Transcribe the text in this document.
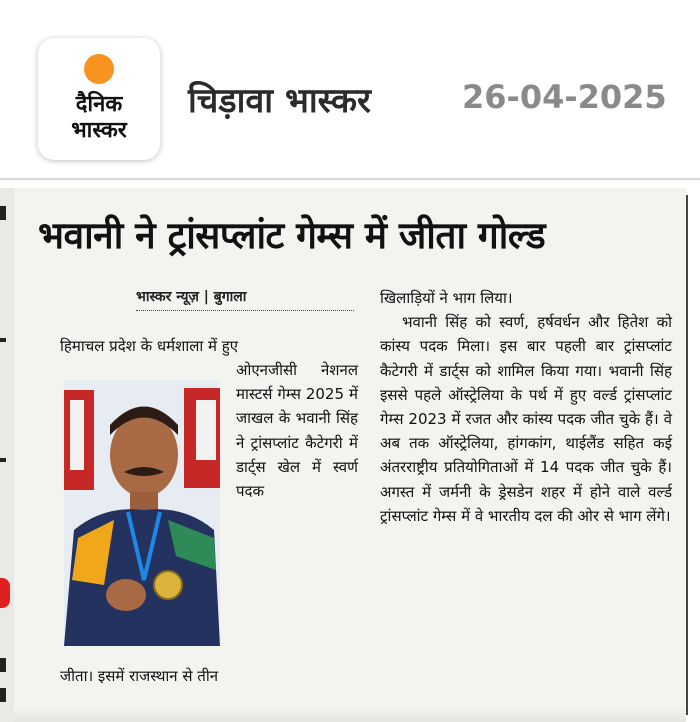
दैनिक
भास्कर
चिड़ावा भास्कर	26-04-2025
भवानी ने ट्रांसप्लांट गेम्स में जीता गोल्ड
भास्कर न्यूज़ | बुगाला

हिमाचल प्रदेश के धर्मशाला में हुए

ओएनजीसी नेशनल मास्टर्स गेम्स 2025 में जाखल के भवानी सिंह ने ट्रांसप्लांट कैटेगरी में डार्ट्स खेल में स्वर्ण पदक

जीता। इसमें राजस्थान से तीन

खिलाड़ियों ने भाग लिया।

भवानी सिंह को स्वर्ण, हर्षवर्धन और हितेश को कांस्य पदक मिला। इस बार पहली बार ट्रांसप्लांट कैटेगरी में डार्ट्स को शामिल किया गया। भवानी सिंह इससे पहले ऑस्ट्रेलिया के पर्थ में हुए वर्ल्ड ट्रांसप्लांट गेम्स 2023 में रजत और कांस्य पदक जीत चुके हैं। वे अब तक ऑस्ट्रेलिया, हांगकांग, थाईलैंड सहित कई अंतरराष्ट्रीय प्रतियोगिताओं में 14 पदक जीत चुके हैं। अगस्त में जर्मनी के ड्रेसडेन शहर में होने वाले वर्ल्ड ट्रांसप्लांट गेम्स में वे भारतीय दल की ओर से भाग लेंगे।
